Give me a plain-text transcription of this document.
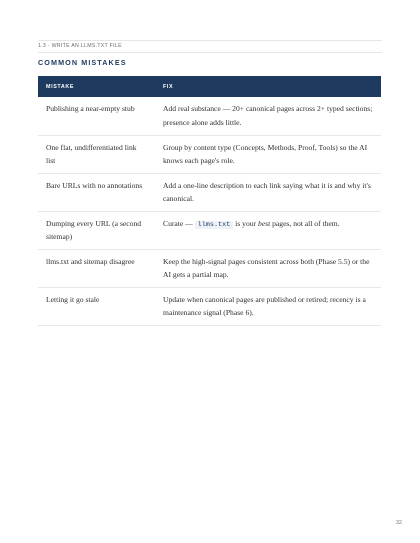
1.3 · WRITE AN LLMS.TXT FILE
COMMON MISTAKES
MISTAKE	FIX
Publishing a near-empty stub	Add real substance — 20+ canonical pages across 2+ typed sections; presence alone adds little.
One flat, undifferentiated link list	Group by content type (Concepts, Methods, Proof, Tools) so the AI knows each page's role.
Bare URLs with no annotations	Add a one-line description to each link saying what it is and why it's canonical.
Dumping every URL (a second sitemap)	Curate — llms.txt is your best pages, not all of them.
llms.txt and sitemap disagree	Keep the high-signal pages consistent across both (Phase 5.5) or the AI gets a partial map.
Letting it go stale	Update when canonical pages are published or retired; recency is a maintenance signal (Phase 6).
32
